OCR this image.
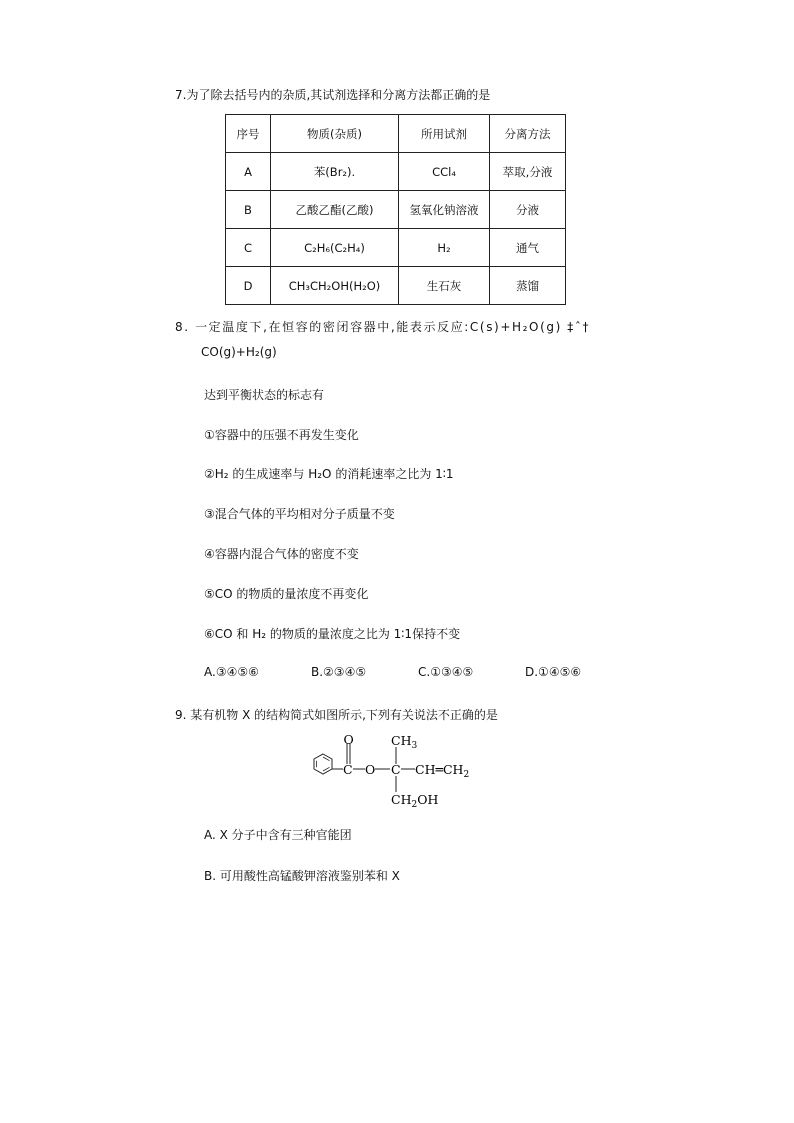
7.为了除去括号内的杂质,其试剂选择和分离方法都正确的是
序号	物质(杂质)	所用试剂	分离方法
A	苯(Br₂).	CCl₄	萃取,分液
B	乙酸乙酯(乙酸)	氢氧化钠溶液	分液
C	C₂H₆(C₂H₄)	H₂	通气
D	CH₃CH₂OH(H₂O)	生石灰	蒸馏
8. 一定温度下,在恒容的密闭容器中,能表示反应:C(s)+H₂O(g) ‡ˆ†
CO(g)+H₂(g)
达到平衡状态的标志有
①容器中的压强不再发生变化
②H₂ 的生成速率与 H₂O 的消耗速率之比为 1∶1
③混合气体的平均相对分子质量不变
④容器内混合气体的密度不变
⑤CO 的物质的量浓度不再变化
⑥CO 和 H₂ 的物质的量浓度之比为 1∶1保持不变
A.③④⑤⑥	B.②③④⑤	C.①③④⑤	D.①④⑤⑥
9. 某有机物 X 的结构简式如图所示,下列有关说法不正确的是
O
C O C
$CH_3$
$CH═CH_2$
$CH_2OH$
A. X 分子中含有三种官能团
B. 可用酸性高锰酸钾溶液鉴别苯和 X
